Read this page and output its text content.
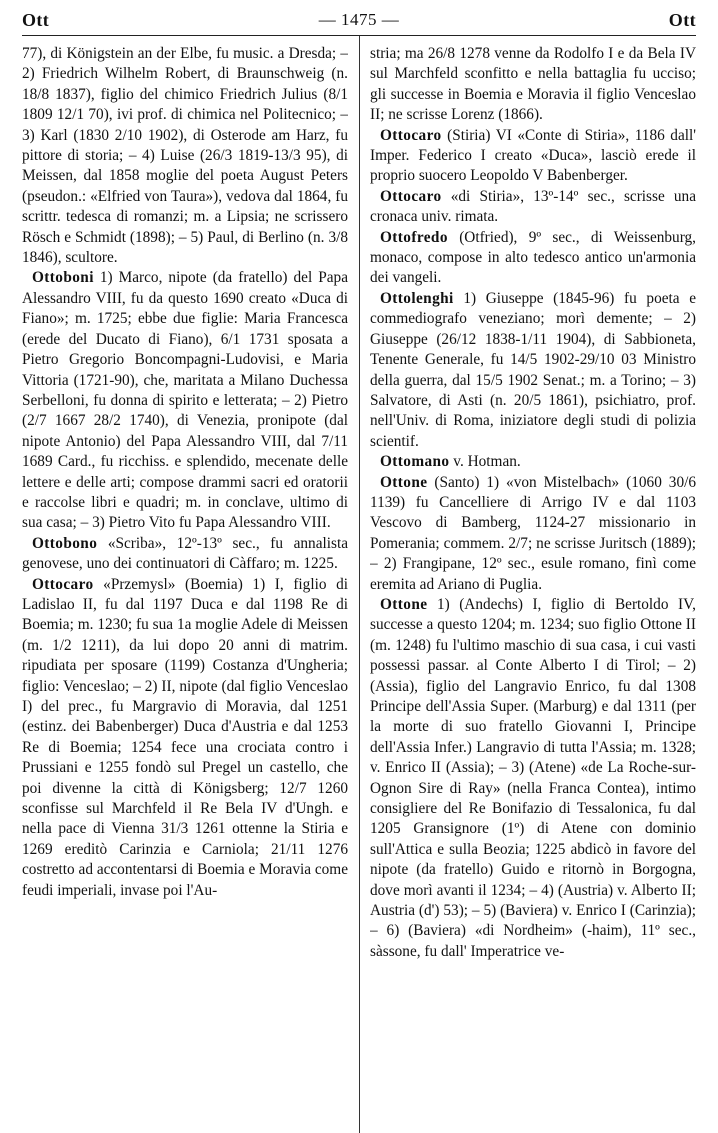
Ott	— 1475 —	Ott

77), di Königstein an der Elbe, fu music. a Dresda; – 2) Friedrich Wilhelm Robert, di Braunschweig (n. 18/8 1837), figlio del chimico Friedrich Julius (8/1 1809 12/1 70), ivi prof. di chimica nel Politecnico; – 3) Karl (1830 2/10 1902), di Osterode am Harz, fu pittore di storia; – 4) Luise (26/3 1819-13/3 95), di Meissen, dal 1858 moglie del poeta August Peters (pseudon.: «Elfried von Taura»), vedova dal 1864, fu scrittr. tedesca di romanzi; m. a Lipsia; ne scrissero Rösch e Schmidt (1898); – 5) Paul, di Berlino (n. 3/8 1846), scultore.

Ottoboni 1) Marco, nipote (da fratello) del Papa Alessandro VIII, fu da questo 1690 creato «Duca di Fiano»; m. 1725; ebbe due figlie: Maria Francesca (erede del Ducato di Fiano), 6/1 1731 sposata a Pietro Gregorio Boncompagni-Ludovisi, e Maria Vittoria (1721-90), che, maritata a Milano Duchessa Serbelloni, fu donna di spirito e letterata; – 2) Pietro (2/7 1667 28/2 1740), di Venezia, pronipote (dal nipote Antonio) del Papa Alessandro VIII, dal 7/11 1689 Card., fu ricchiss. e splendido, mecenate delle lettere e delle arti; compose drammi sacri ed oratorii e raccolse libri e quadri; m. in conclave, ultimo di sua casa; – 3) Pietro Vito fu Papa Alessandro VIII.

Ottobono «Scriba», 12º-13º sec., fu annalista genovese, uno dei continuatori di Càffaro; m. 1225.

Ottocaro «Przemysl» (Boemia) 1) I, figlio di Ladislao II, fu dal 1197 Duca e dal 1198 Re di Boemia; m. 1230; fu sua 1a moglie Adele di Meissen (m. 1/2 1211), da lui dopo 20 anni di matrim. ripudiata per sposare (1199) Costanza d'Ungheria; figlio: Venceslao; – 2) II, nipote (dal figlio Venceslao I) del prec., fu Margravio di Moravia, dal 1251 (estinz. dei Babenberger) Duca d'Austria e dal 1253 Re di Boemia; 1254 fece una crociata contro i Prussiani e 1255 fondò sul Pregel un castello, che poi divenne la città di Königsberg; 12/7 1260 sconfisse sul Marchfeld il Re Bela IV d'Ungh. e nella pace di Vienna 31/3 1261 ottenne la Stiria e 1269 ereditò Carinzia e Carniola; 21/11 1276 costretto ad accontentarsi di Boemia e Moravia come feudi imperiali, invase poi l'Au-

stria; ma 26/8 1278 venne da Rodolfo I e da Bela IV sul Marchfeld sconfitto e nella battaglia fu ucciso; gli successe in Boemia e Moravia il figlio Venceslao II; ne scrisse Lorenz (1866).

Ottocaro (Stiria) VI «Conte di Stiria», 1186 dall' Imper. Federico I creato «Duca», lasciò erede il proprio suocero Leopoldo V Babenberger.

Ottocaro «di Stiria», 13º-14º sec., scrisse una cronaca univ. rimata.

Ottofredo (Otfried), 9º sec., di Weissenburg, monaco, compose in alto tedesco antico un'armonia dei vangeli.

Ottolenghi 1) Giuseppe (1845-96) fu poeta e commediografo veneziano; morì demente; – 2) Giuseppe (26/12 1838-1/11 1904), di Sabbioneta, Tenente Generale, fu 14/5 1902-29/10 03 Ministro della guerra, dal 15/5 1902 Senat.; m. a Torino; – 3) Salvatore, di Asti (n. 20/5 1861), psichiatro, prof. nell'Univ. di Roma, iniziatore degli studi di polizia scientif.

Ottomano v. Hotman.

Ottone (Santo) 1) «von Mistelbach» (1060 30/6 1139) fu Cancelliere di Arrigo IV e dal 1103 Vescovo di Bamberg, 1124-27 missionario in Pomerania; commem. 2/7; ne scrisse Juritsch (1889); – 2) Frangipane, 12º sec., esule romano, finì come eremita ad Ariano di Puglia.

Ottone 1) (Andechs) I, figlio di Bertoldo IV, successe a questo 1204; m. 1234; suo figlio Ottone II (m. 1248) fu l'ultimo maschio di sua casa, i cui vasti possessi passar. al Conte Alberto I di Tirol; – 2) (Assia), figlio del Langravio Enrico, fu dal 1308 Principe dell'Assia Super. (Marburg) e dal 1311 (per la morte di suo fratello Giovanni I, Principe dell'Assia Infer.) Langravio di tutta l'Assia; m. 1328; v. Enrico II (Assia); – 3) (Atene) «de La Roche-sur-Ognon Sire di Ray» (nella Franca Contea), intimo consigliere del Re Bonifazio di Tessalonica, fu dal 1205 Gransignore (1º) di Atene con dominio sull'Attica e sulla Beozia; 1225 abdicò in favore del nipote (da fratello) Guido e ritornò in Borgogna, dove morì avanti il 1234; – 4) (Austria) v. Alberto II; Austria (d') 53); – 5) (Baviera) v. Enrico I (Carinzia); – 6) (Baviera) «di Nordheim» (-haim), 11º sec., sàssone, fu dall' Imperatrice ve-
